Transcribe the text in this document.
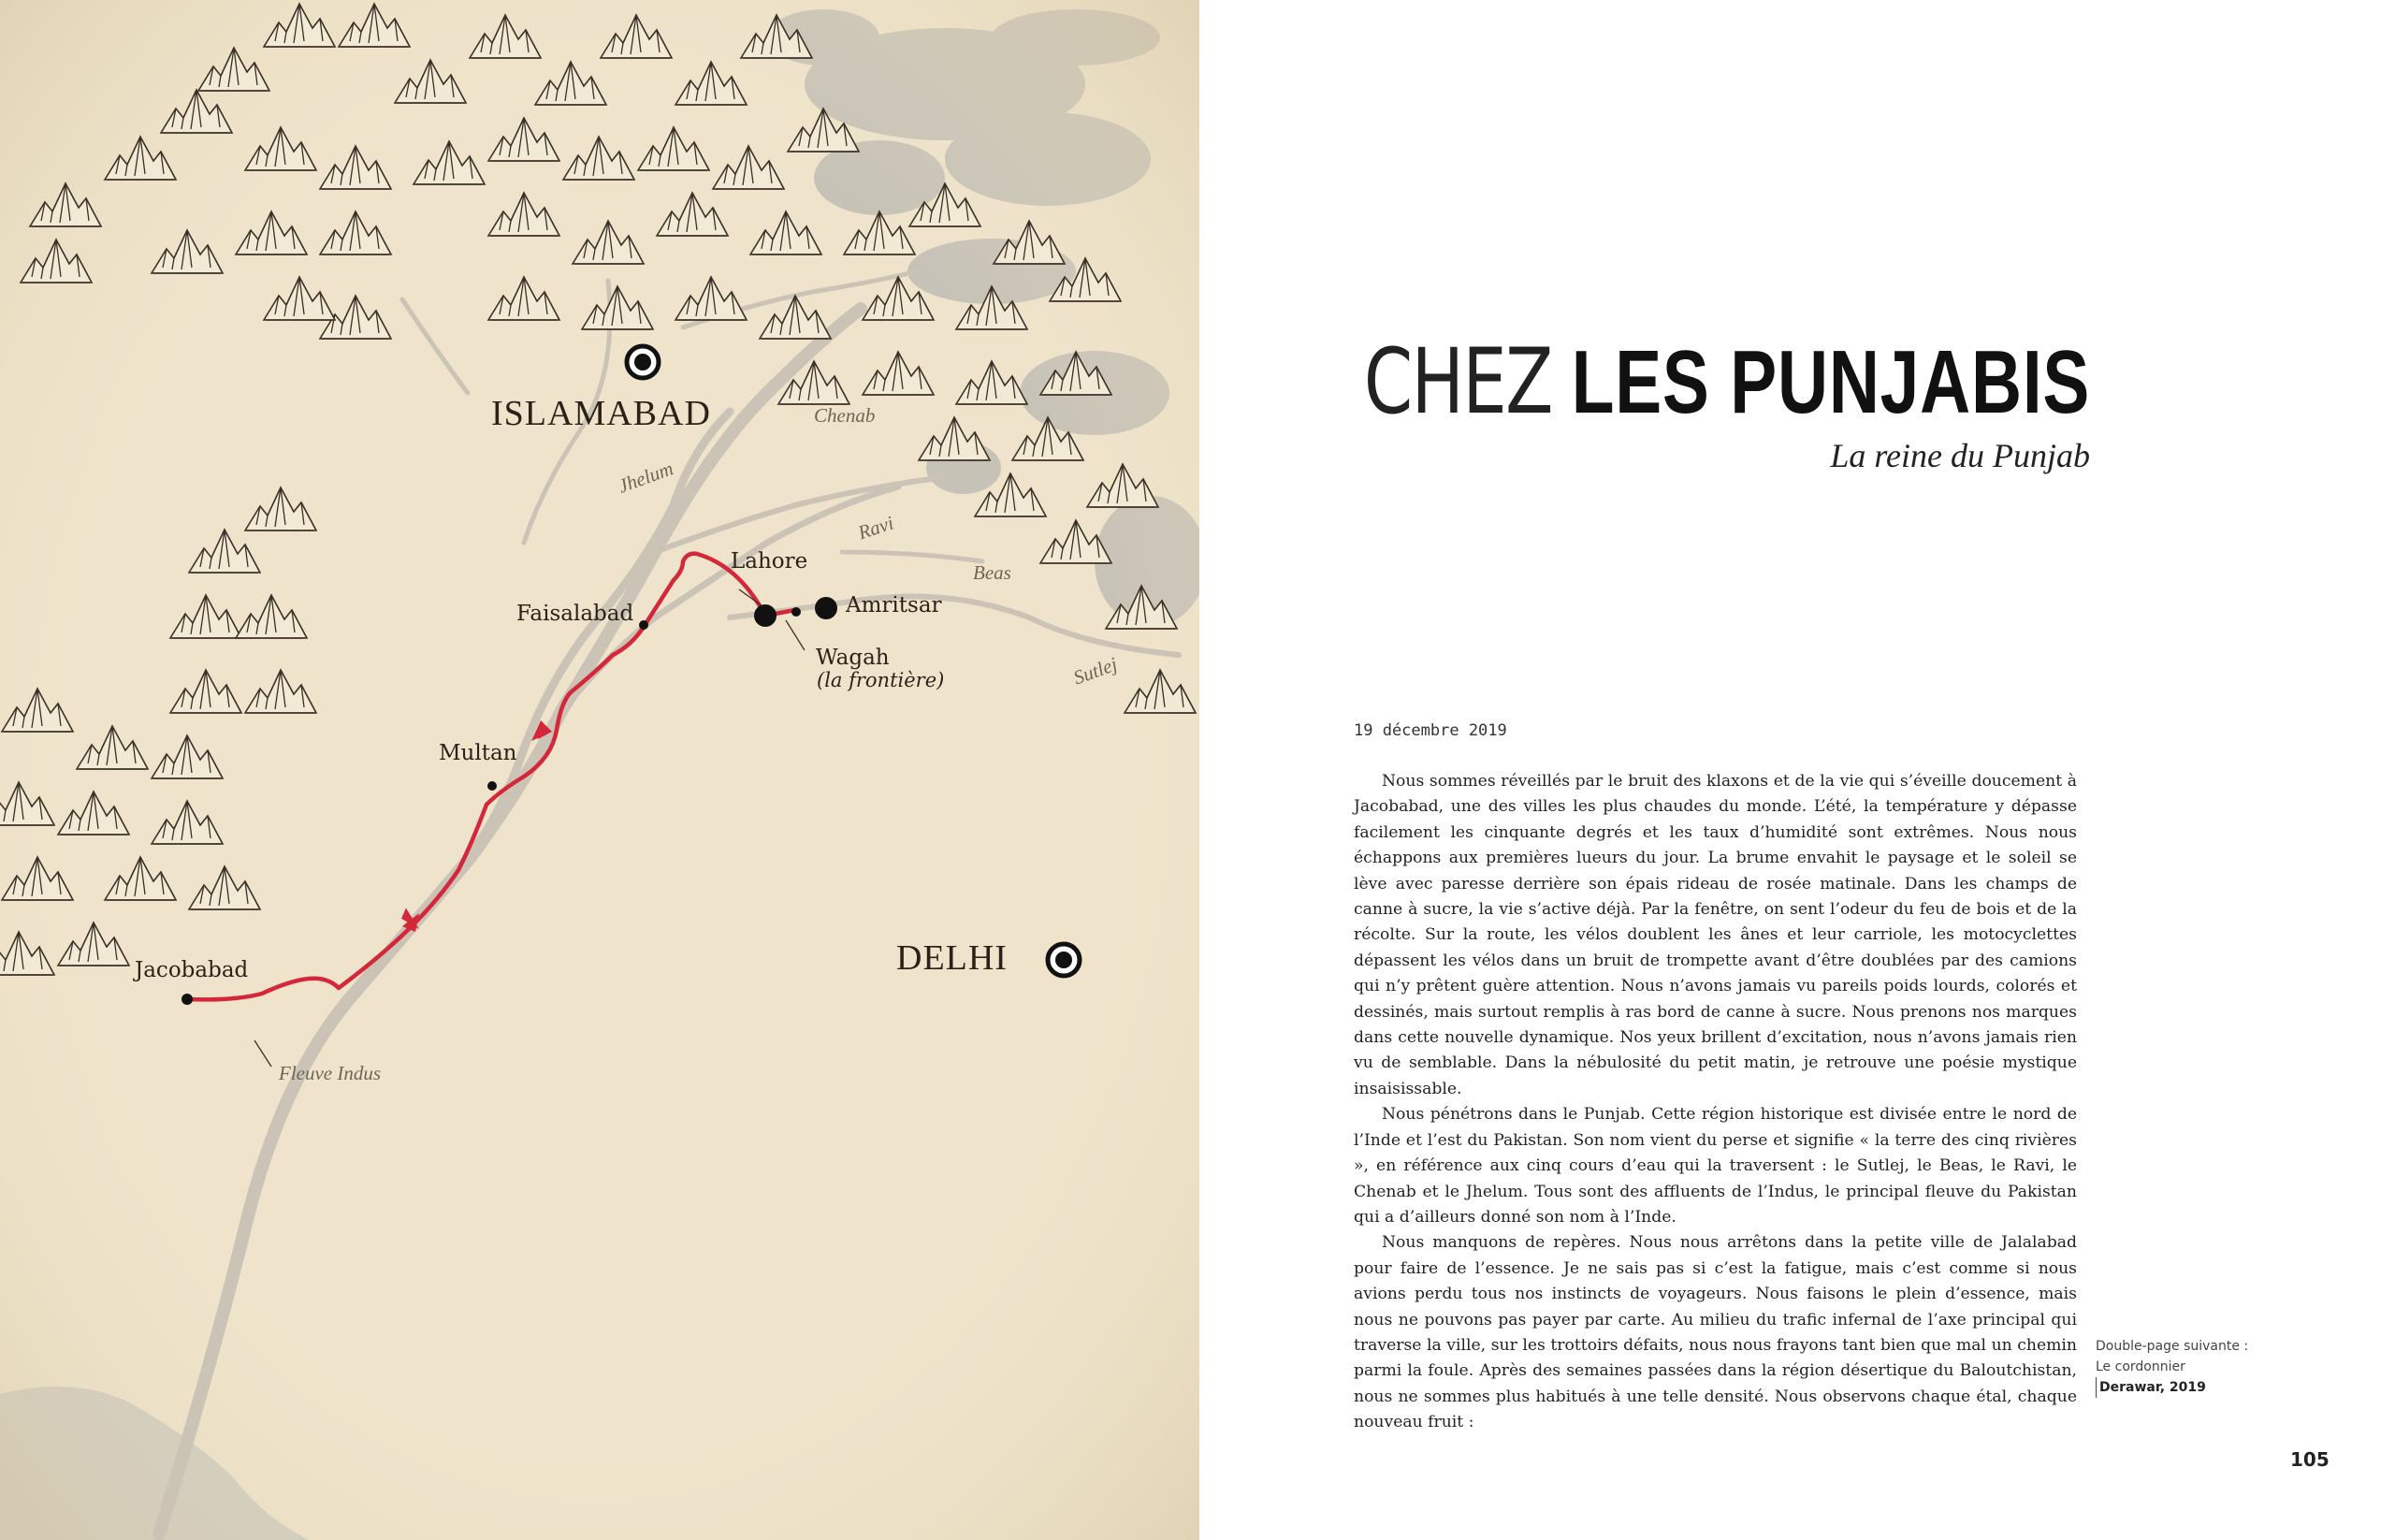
ISLAMABAD
DELHI
Lahore
Amritsar
Wagah
(la frontière)
Faisalabad
Multan
Jacobabad
Chenab
Jhelum
Ravi
Beas
Sutlej
Fleuve Indus
CHEZ LES PUNJABIS
La reine du Punjab
19 décembre 2019

Nous sommes réveillés par le bruit des klaxons et de la vie qui s’éveille doucement à Jacobabad, une des villes les plus chaudes du monde. L’été, la température y dépasse facilement les cinquante degrés et les taux d’humidité sont extrêmes. Nous nous échappons aux premières lueurs du jour. La brume envahit le paysage et le soleil se lève avec paresse derrière son épais rideau de rosée matinale. Dans les champs de canne à sucre, la vie s’active déjà. Par la fenêtre, on sent l’odeur du feu de bois et de la récolte. Sur la route, les vélos doublent les ânes et leur carriole, les motocyclettes dépassent les vélos dans un bruit de trompette avant d’être doublées par des camions qui n’y prêtent guère attention. Nous n’avons jamais vu pareils poids lourds, colorés et dessinés, mais surtout remplis à ras bord de canne à sucre. Nous prenons nos marques dans cette nouvelle dynamique. Nos yeux brillent d’excitation, nous n’avons jamais rien vu de semblable. Dans la nébulosité du petit matin, je retrouve une poésie mystique insaisissable.

Nous pénétrons dans le Punjab. Cette région historique est divisée entre le nord de l’Inde et l’est du Pakistan. Son nom vient du perse et signifie « la terre des cinq rivières », en référence aux cinq cours d’eau qui la traversent : le Sutlej, le Beas, le Ravi, le Chenab et le Jhelum. Tous sont des affluents de l’Indus, le principal fleuve du Pakistan qui a d’ailleurs donné son nom à l’Inde.

Nous manquons de repères. Nous nous arrêtons dans la petite ville de Jalalabad pour faire de l’essence. Je ne sais pas si c’est la fatigue, mais c’est comme si nous avions perdu tous nos instincts de voyageurs. Nous faisons le plein d’essence, mais nous ne pouvons pas payer par carte. Au milieu du trafic infernal de l’axe principal qui traverse la ville, sur les trottoirs défaits, nous nous frayons tant bien que mal un chemin parmi la foule. Après des semaines passées dans la région désertique du Baloutchistan, nous ne sommes plus habitués à une telle densité. Nous observons chaque étal, chaque nouveau fruit :

Double-page suivante :
Le cordonnier
Derawar, 2019
105
